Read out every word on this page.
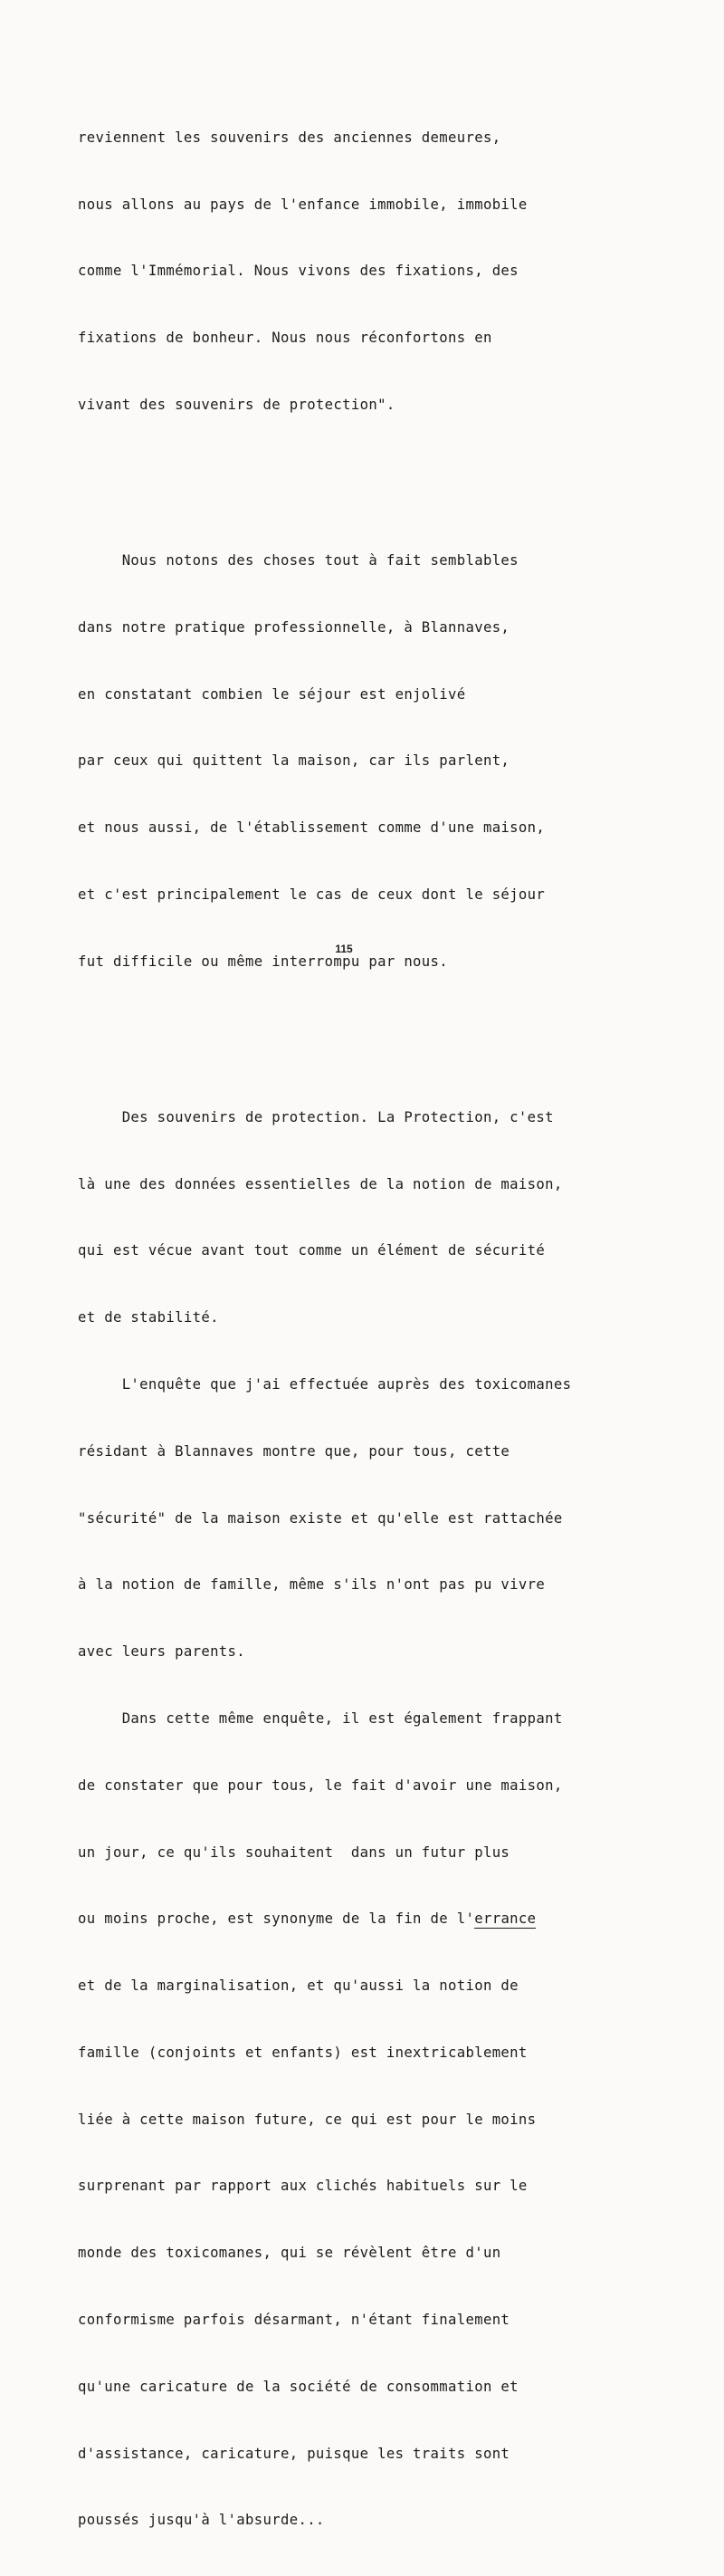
reviennent les souvenirs des anciennes demeures,

nous allons au pays de l'enfance immobile, immobile

comme l'Immémorial. Nous vivons des fixations, des

fixations de bonheur. Nous nous réconfortons en

vivant des souvenirs de protection".

Nous notons des choses tout à fait semblables

dans notre pratique professionnelle, à Blannaves,

en constatant combien le séjour est enjolivé

par ceux qui quittent la maison, car ils parlent,

et nous aussi, de l'établissement comme d'une maison,

et c'est principalement le cas de ceux dont le séjour

fut difficile ou même interrompu par nous.

Des souvenirs de protection. La Protection, c'est

là une des données essentielles de la notion de maison,

qui est vécue avant tout comme un élément de sécurité

et de stabilité.

L'enquête que j'ai effectuée auprès des toxicomanes

résidant à Blannaves montre que, pour tous, cette

"sécurité" de la maison existe et qu'elle est rattachée

à la notion de famille, même s'ils n'ont pas pu vivre

avec leurs parents.

Dans cette même enquête, il est également frappant

de constater que pour tous, le fait d'avoir une maison,

un jour, ce qu'ils souhaitent  dans un futur plus

ou moins proche, est synonyme de la fin de l'errance

et de la marginalisation, et qu'aussi la notion de

famille (conjoints et enfants) est inextricablement

liée à cette maison future, ce qui est pour le moins

surprenant par rapport aux clichés habituels sur le

monde des toxicomanes, qui se révèlent être d'un

conformisme parfois désarmant, n'étant finalement

qu'une caricature de la société de consommation et

d'assistance, caricature, puisque les traits sont

poussés jusqu'à l'absurde...

115
